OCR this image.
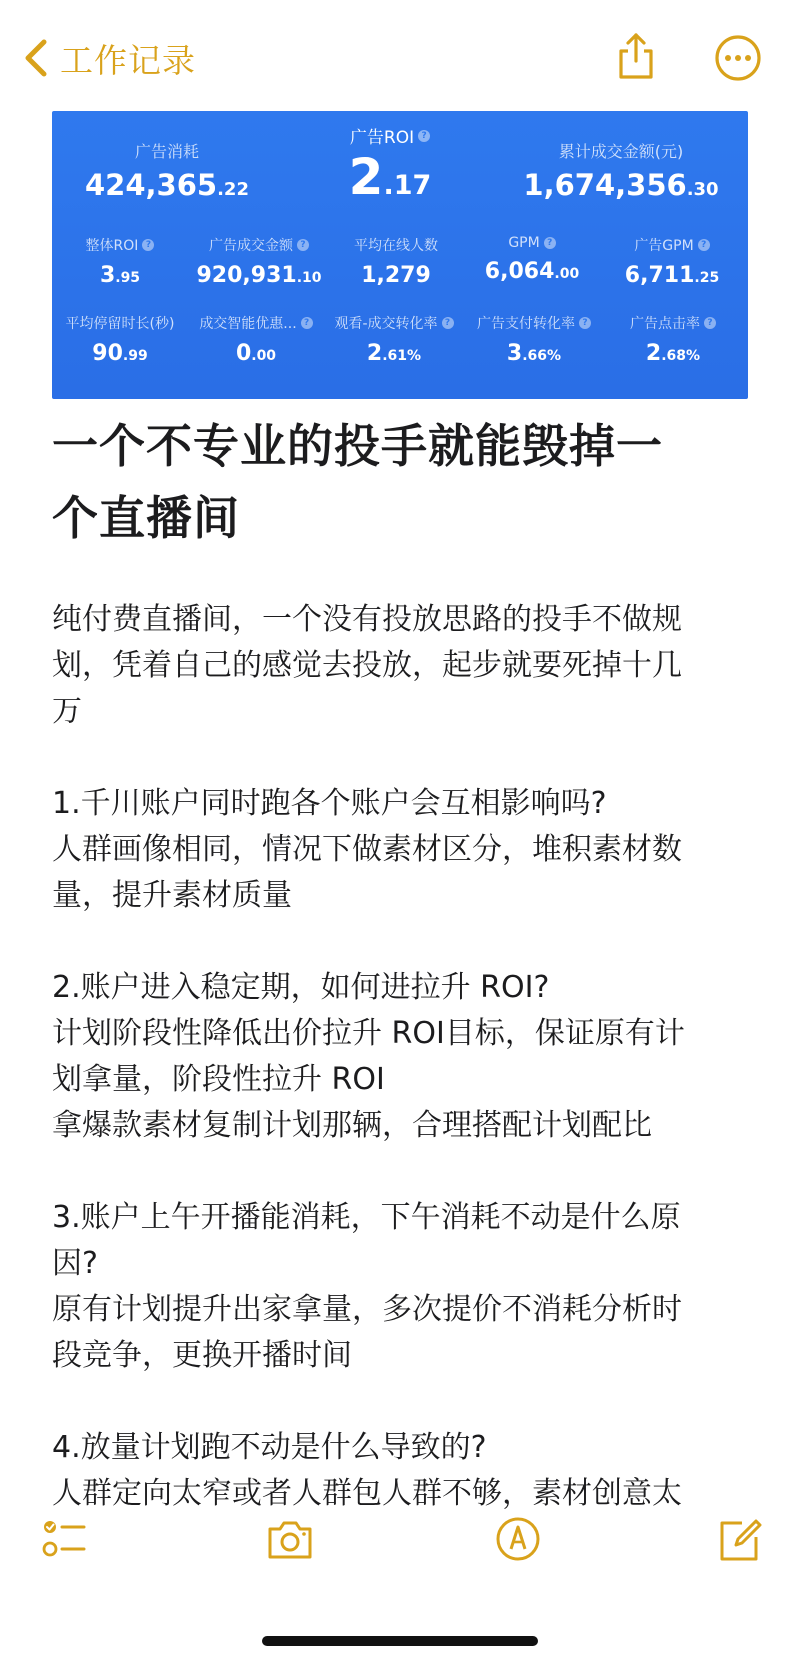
工作记录
广告消耗
424,365.22
广告ROI ?
2.17
累计成交金额(元)
1,674,356.30
整体ROI ?
3.95
广告成交金额 ?
920,931.10
平均在线人数
1,279
GPM ?
6,064.00
广告GPM ?
6,711.25
平均停留时长(秒)
90.99
成交智能优惠... ?
0.00
观看-成交转化率 ?
2.61%
广告支付转化率 ?
3.66%
广告点击率 ?
2.68%
一个不专业的投手就能毁掉一
个直播间

纯付费直播间，一个没有投放思路的投手不做规
划，凭着自己的感觉去投放，起步就要死掉十几
万

1.千川账户同时跑各个账户会互相影响吗?
人群画像相同，情况下做素材区分，堆积素材数
量，提升素材质量

2.账户进入稳定期，如何进拉升 ROI?
计划阶段性降低出价拉升 ROI目标，保证原有计
划拿量，阶段性拉升 ROI
拿爆款素材复制计划那辆，合理搭配计划配比

3.账户上午开播能消耗，下午消耗不动是什么原
因?
原有计划提升出家拿量，多次提价不消耗分析时
段竞争，更换开播时间

4.放量计划跑不动是什么导致的?
人群定向太窄或者人群包人群不够，素材创意太
